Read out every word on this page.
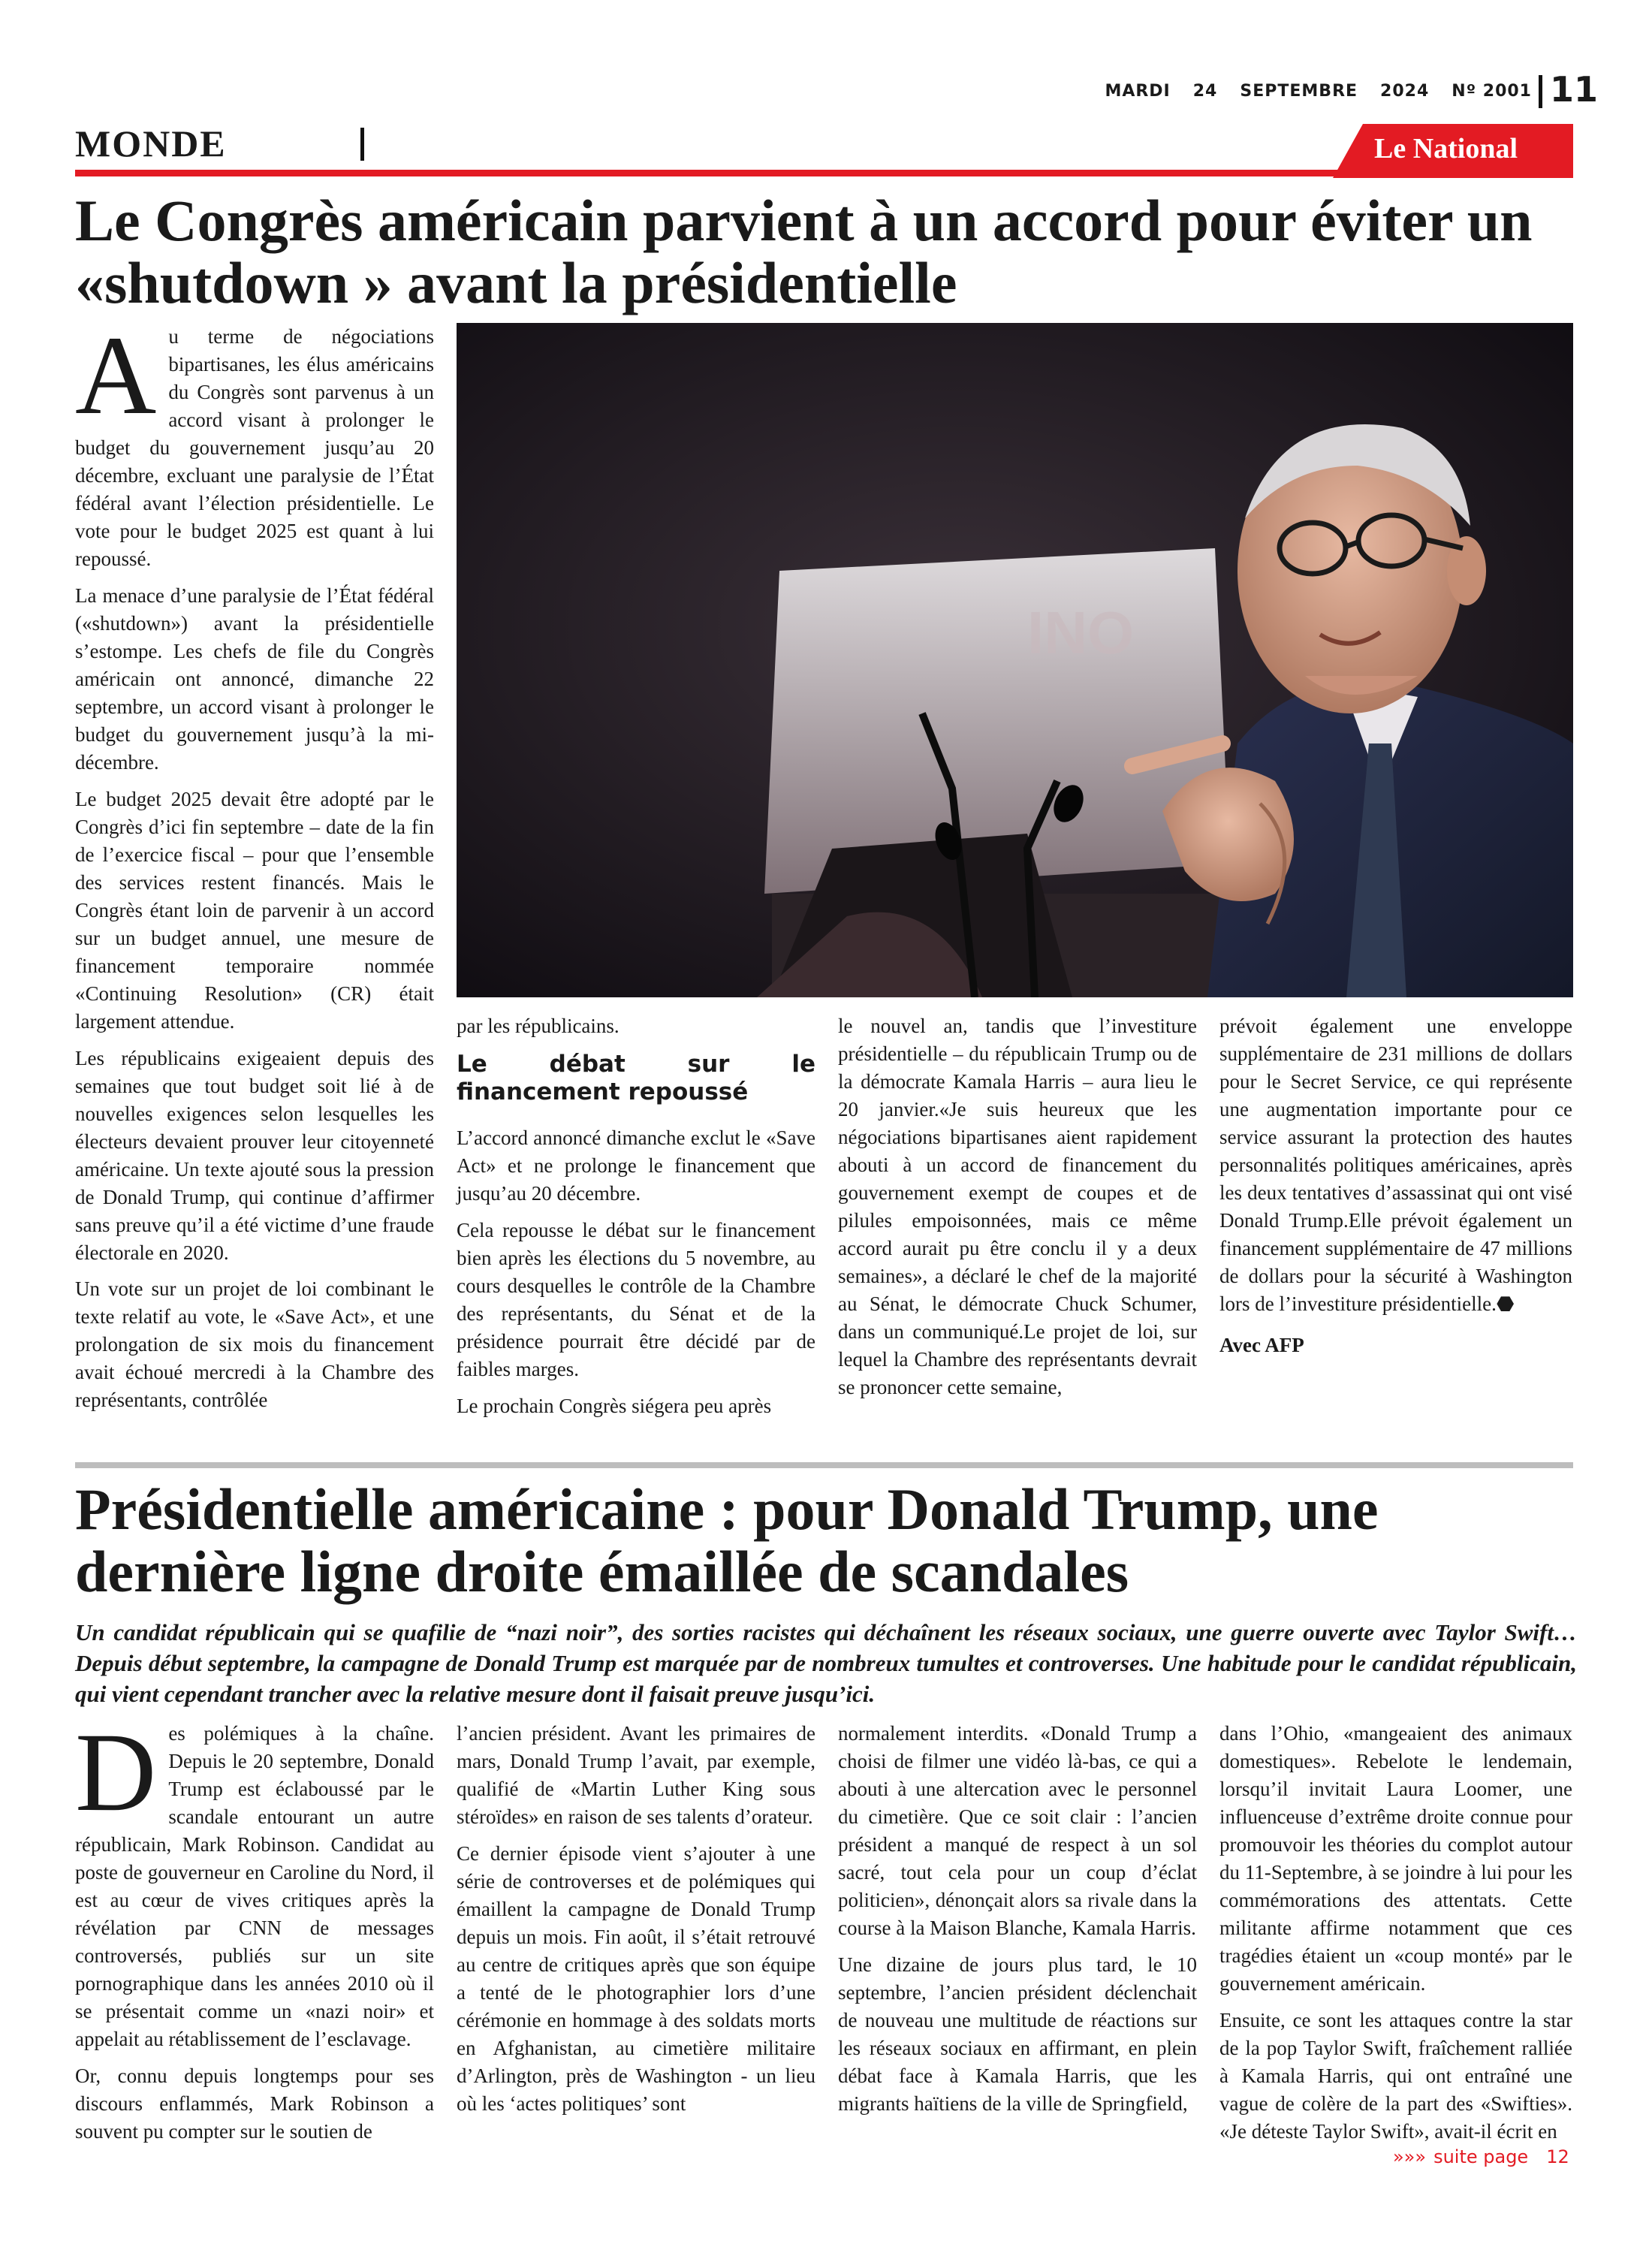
MARDI 24 SEPTEMBRE 2024 Nº 2001 11
MONDE	Le National
Le Congrès américain parvient à un accord pour éviter un «shutdown » avant la présidentielle

Au terme de négociations bipartisanes, les élus américains du Congrès sont parvenus à un accord visant à prolonger le budget du gouvernement jusqu’au 20 décembre, excluant une paralysie de l’État fédéral avant l’élection présidentielle. Le vote pour le budget 2025 est quant à lui repoussé.

La menace d’une paralysie de l’État fédéral («shutdown») avant la présidentielle s’estompe. Les chefs de file du Congrès américain ont annoncé, dimanche 22 septembre, un accord visant à prolonger le budget du gouvernement jusqu’à la mi-décembre.

Le budget 2025 devait être adopté par le Congrès d’ici fin septembre – date de la fin de l’exercice fiscal – pour que l’ensemble des services restent financés. Mais le Congrès étant loin de parvenir à un accord sur un budget annuel, une mesure de financement temporaire nommée «Continuing Resolution» (CR) était largement attendue.

Les républicains exigeaient depuis des semaines que tout budget soit lié à de nouvelles exigences selon lesquelles les électeurs devaient prouver leur citoyenneté américaine. Un texte ajouté sous la pression de Donald Trump, qui continue d’affirmer sans preuve qu’il a été victime d’une fraude électorale en 2020.

Un vote sur un projet de loi combinant le texte relatif au vote, le «Save Act», et une prolongation de six mois du financement avait échoué mercredi à la Chambre des représentants, contrôlée

INO

par les républicains.

Le débat sur le financement repoussé

L’accord annoncé dimanche exclut le «Save Act» et ne prolonge le financement que jusqu’au 20 décembre.

Cela repousse le débat sur le financement bien après les élections du 5 novembre, au cours desquelles le contrôle de la Chambre des représentants, du Sénat et de la présidence pourrait être décidé par de faibles marges.

Le prochain Congrès siégera peu après

le nouvel an, tandis que l’investiture présidentielle – du républicain Trump ou de la démocrate Kamala Harris – aura lieu le 20 janvier.«Je suis heureux que les négociations bipartisanes aient rapidement abouti à un accord de financement du gouvernement exempt de coupes et de pilules empoisonnées, mais ce même accord aurait pu être conclu il y a deux semaines», a déclaré le chef de la majorité au Sénat, le démocrate Chuck Schumer, dans un communiqué.Le projet de loi, sur lequel la Chambre des représentants devrait se prononcer cette semaine,

prévoit également une enveloppe supplémentaire de 231 millions de dollars pour le Secret Service, ce qui représente une augmentation importante pour ce service assurant la protection des hautes personnalités politiques américaines, après les deux tentatives d’assassinat qui ont visé Donald Trump.Elle prévoit également un financement supplémentaire de 47 millions de dollars pour la sécurité à Washington lors de l’investiture présidentielle.⬣

Avec AFP
Présidentielle américaine : pour Donald Trump, une dernière ligne droite émaillée de scandales
Un candidat républicain qui se quafilie de “nazi noir”, des sorties racistes qui déchaînent les réseaux sociaux, une guerre ouverte avec Taylor Swift… Depuis début septembre, la campagne de Donald Trump est marquée par de nombreux tumultes et controverses. Une habitude pour le candidat républicain, qui vient cependant trancher avec la relative mesure dont il faisait preuve jusqu’ici.

Des polémiques à la chaîne. Depuis le 20 septembre, Donald Trump est éclaboussé par le scandale entourant un autre républicain, Mark Robinson. Candidat au poste de gouverneur en Caroline du Nord, il est au cœur de vives critiques après la révélation par CNN de messages controversés, publiés sur un site pornographique dans les années 2010 où il se présentait comme un «nazi noir» et appelait au rétablissement de l’esclavage.

Or, connu depuis longtemps pour ses discours enflammés, Mark Robinson a souvent pu compter sur le soutien de

l’ancien président. Avant les primaires de mars, Donald Trump l’avait, par exemple, qualifié de «Martin Luther King sous stéroïdes» en raison de ses talents d’orateur.

Ce dernier épisode vient s’ajouter à une série de controverses et de polémiques qui émaillent la campagne de Donald Trump depuis un mois. Fin août, il s’était retrouvé au centre de critiques après que son équipe a tenté de le photographier lors d’une cérémonie en hommage à des soldats morts en Afghanistan, au cimetière militaire d’Arlington, près de Washington - un lieu où les ‘actes politiques’ sont

normalement interdits. «Donald Trump a choisi de filmer une vidéo là-bas, ce qui a abouti à une altercation avec le personnel du cimetière. Que ce soit clair : l’ancien président a manqué de respect à un sol sacré, tout cela pour un coup d’éclat politicien», dénonçait alors sa rivale dans la course à la Maison Blanche, Kamala Harris.

Une dizaine de jours plus tard, le 10 septembre, l’ancien président déclenchait de nouveau une multitude de réactions sur les réseaux sociaux en affirmant, en plein débat face à Kamala Harris, que les migrants haïtiens de la ville de Springfield,

dans l’Ohio, «mangeaient des animaux domestiques». Rebelote le lendemain, lorsqu’il invitait Laura Loomer, une influenceuse d’extrême droite connue pour promouvoir les théories du complot autour du 11-Septembre, à se joindre à lui pour les commémorations des attentats. Cette militante affirme notamment que ces tragédies étaient un «coup monté» par le gouvernement américain.

Ensuite, ce sont les attaques contre la star de la pop Taylor Swift, fraîchement ralliée à Kamala Harris, qui ont entraîné une vague de colère de la part des «Swifties». «Je déteste Taylor Swift», avait-il écrit en

»»» suite page 12
